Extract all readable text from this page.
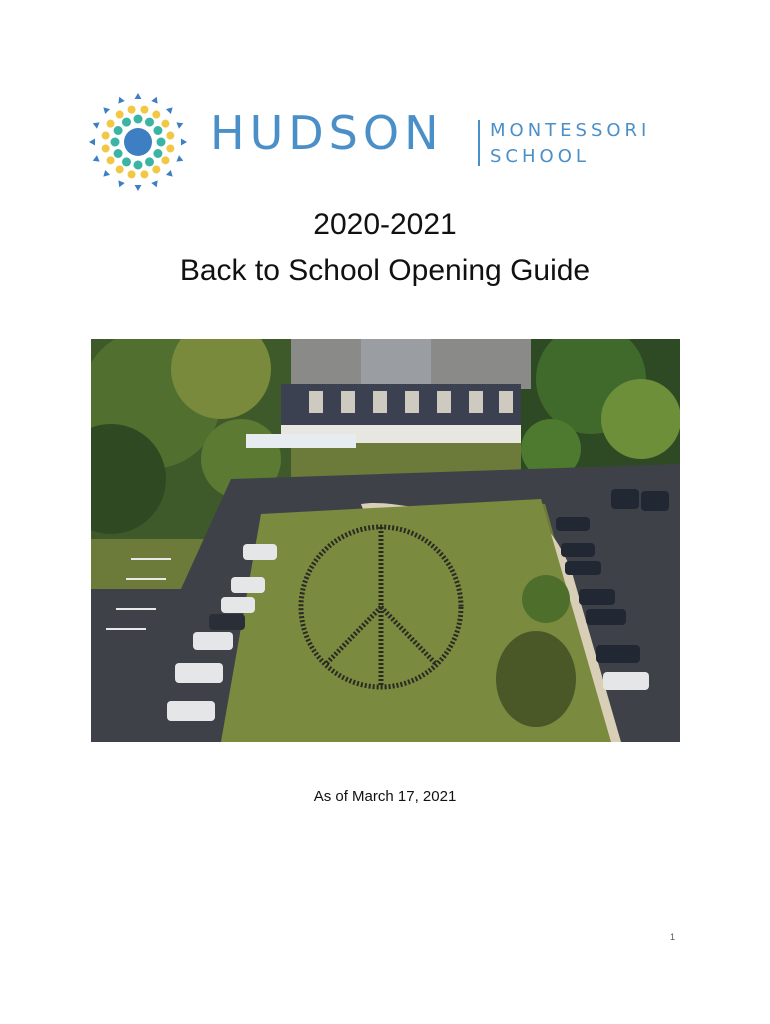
HUDSON	MONTESSORI
SCHOOL
2020-2021
Back to School Opening Guide
As of March 17, 2021
1
